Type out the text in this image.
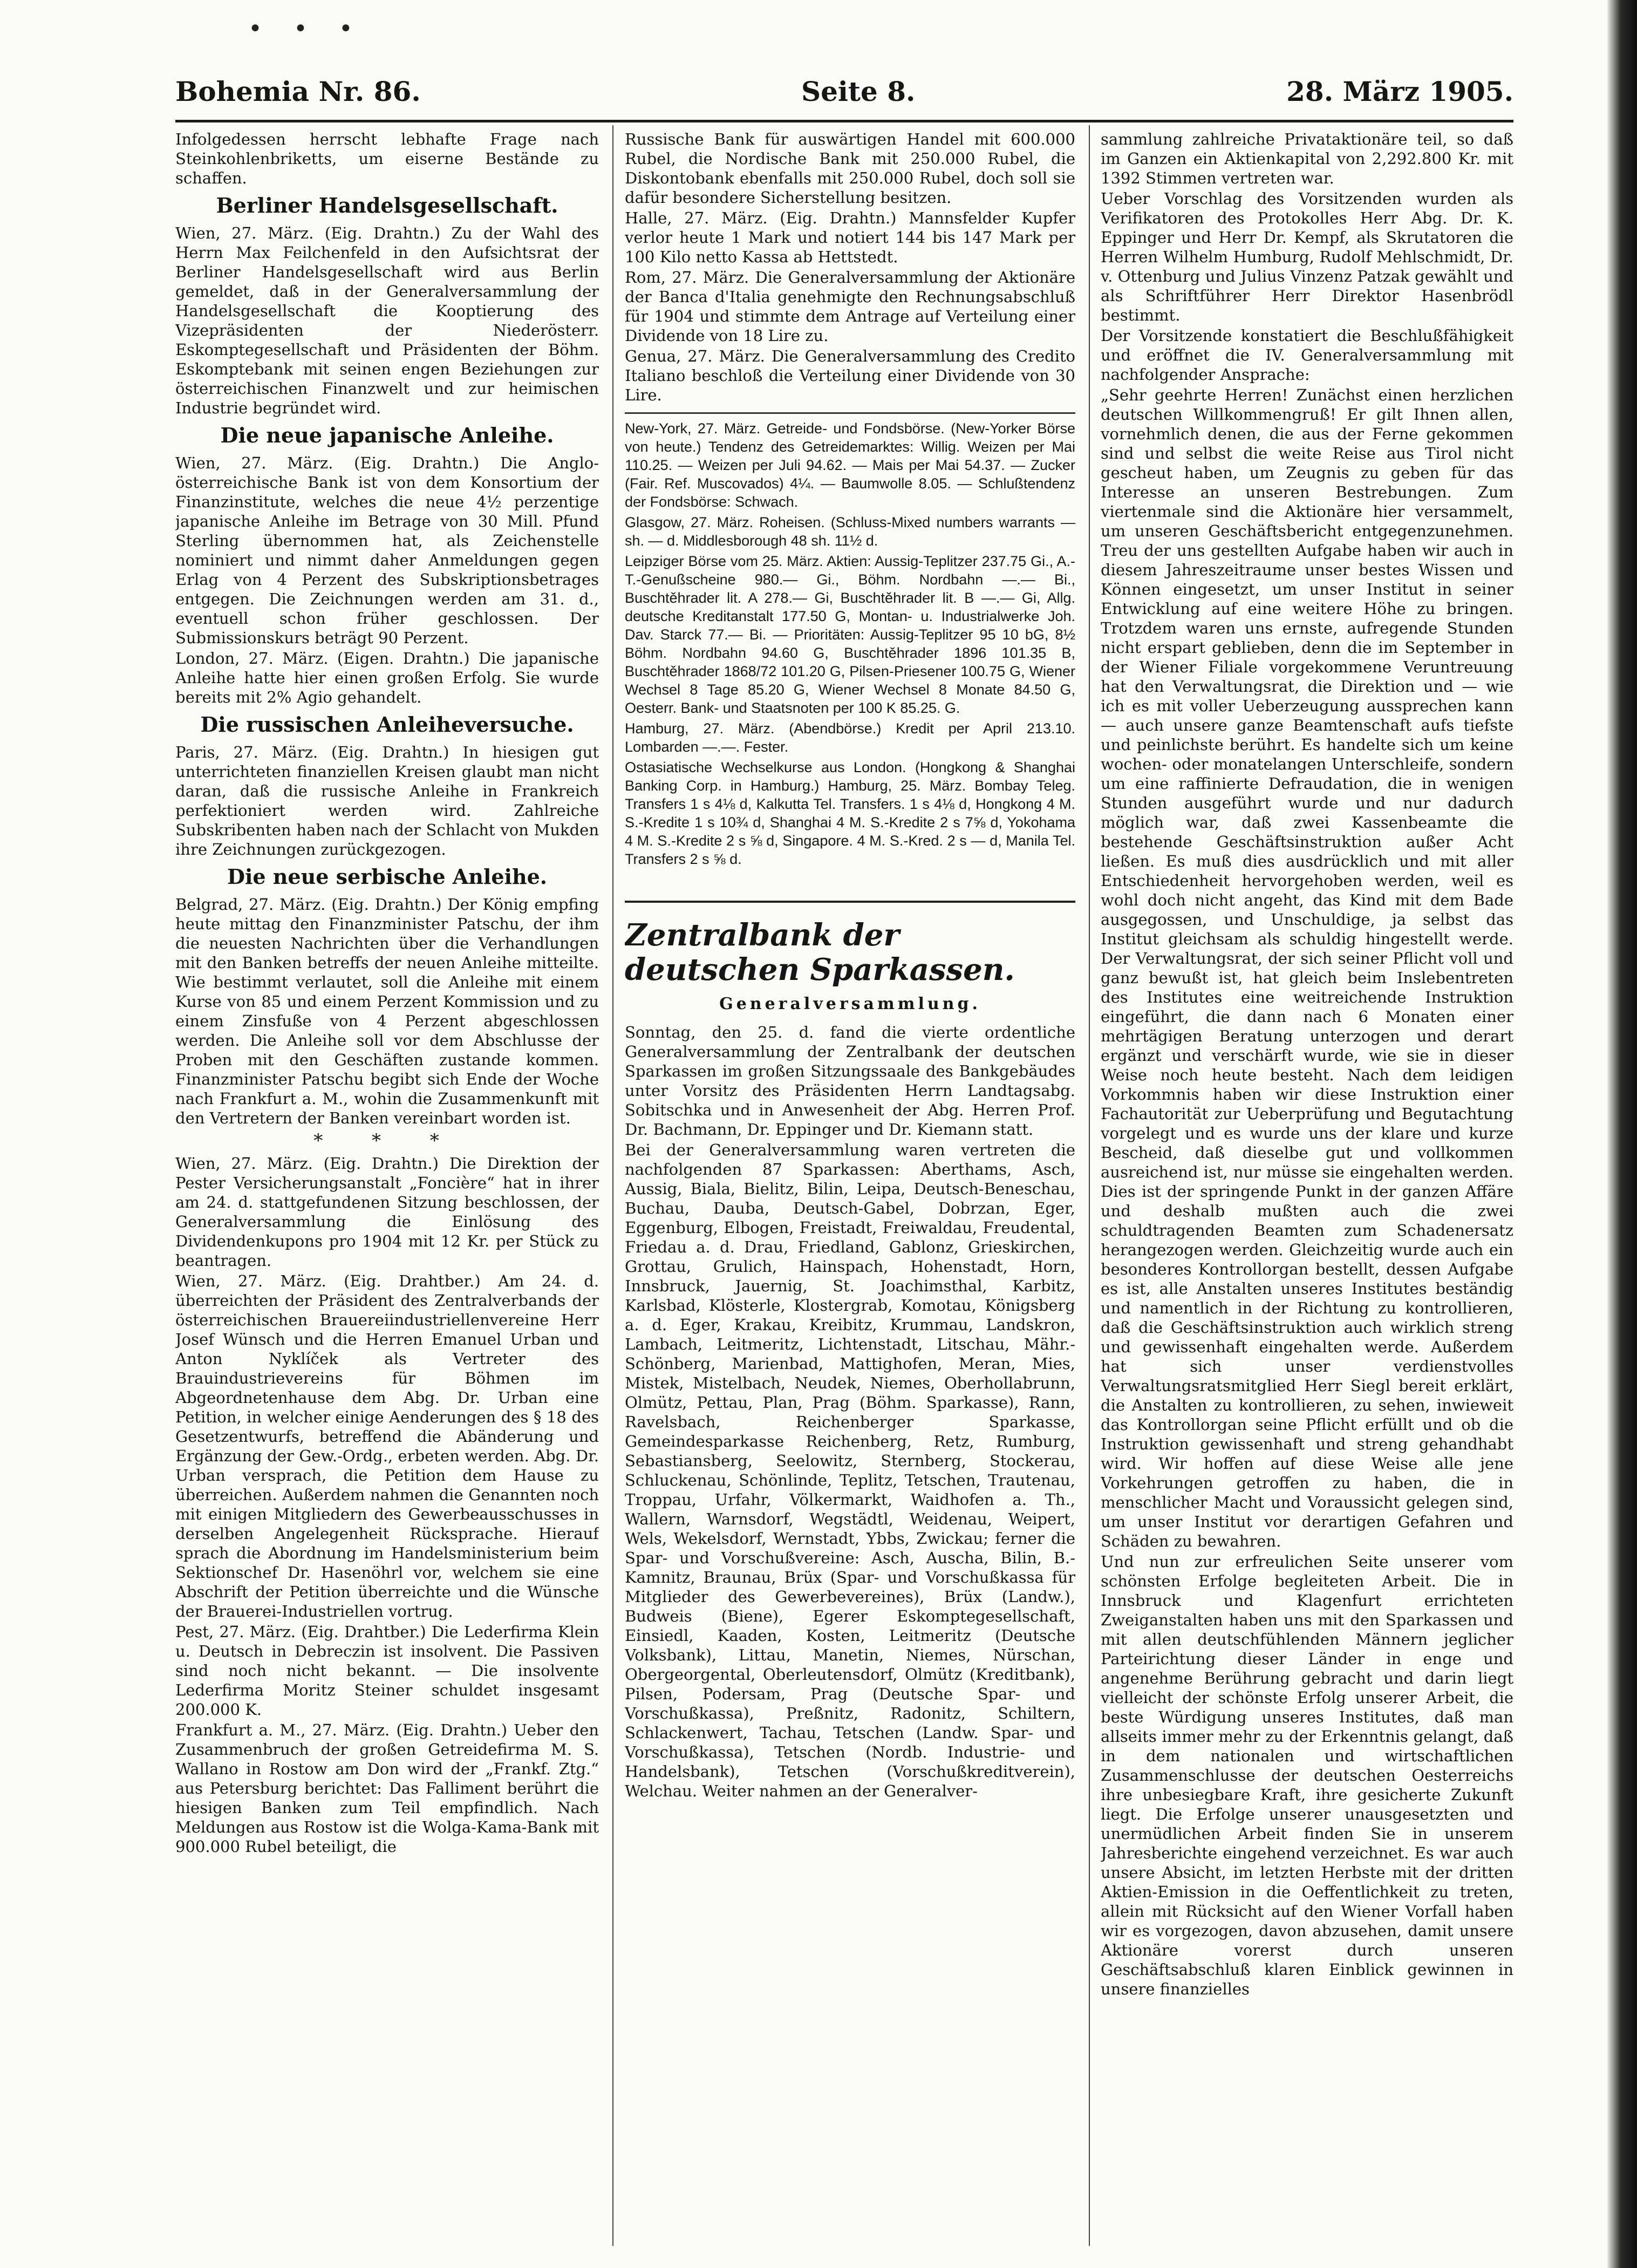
• • •
Bohemia Nr. 86.	Seite 8.	28. März 1905.

Infolgedessen herrscht lebhafte Frage nach Steinkohlenbriketts, um eiserne Bestände zu schaffen.

Berliner Handelsgesellschaft.

Wien, 27. März. (Eig. Drahtn.) Zu der Wahl des Herrn Max Feilchenfeld in den Aufsichtsrat der Berliner Handelsgesellschaft wird aus Berlin gemeldet, daß in der Generalversammlung der Handelsgesellschaft die Kooptierung des Vizepräsidenten der Niederösterr. Eskomptegesellschaft und Präsidenten der Böhm. Eskomptebank mit seinen engen Beziehungen zur österreichischen Finanzwelt und zur heimischen Industrie begründet wird.

Die neue japanische Anleihe.

Wien, 27. März. (Eig. Drahtn.) Die Anglo-österreichische Bank ist von dem Konsortium der Finanzinstitute, welches die neue 4½ perzentige japanische Anleihe im Betrage von 30 Mill. Pfund Sterling übernommen hat, als Zeichenstelle nominiert und nimmt daher Anmeldungen gegen Erlag von 4 Perzent des Subskriptionsbetrages entgegen. Die Zeichnungen werden am 31. d., eventuell schon früher geschlossen. Der Submissionskurs beträgt 90 Perzent.

London, 27. März. (Eigen. Drahtn.) Die japanische Anleihe hatte hier einen großen Erfolg. Sie wurde bereits mit 2% Agio gehandelt.

Die russischen Anleiheversuche.

Paris, 27. März. (Eig. Drahtn.) In hiesigen gut unterrichteten finanziellen Kreisen glaubt man nicht daran, daß die russische Anleihe in Frankreich perfektioniert werden wird. Zahlreiche Subskribenten haben nach der Schlacht von Mukden ihre Zeichnungen zurückgezogen.

Die neue serbische Anleihe.

Belgrad, 27. März. (Eig. Drahtn.) Der König empfing heute mittag den Finanzminister Patschu, der ihm die neuesten Nachrichten über die Verhandlungen mit den Banken betreffs der neuen Anleihe mitteilte. Wie bestimmt verlautet, soll die Anleihe mit einem Kurse von 85 und einem Perzent Kommission und zu einem Zinsfuße von 4 Perzent abgeschlossen werden. Die Anleihe soll vor dem Abschlusse der Proben mit den Geschäften zustande kommen. Finanzminister Patschu begibt sich Ende der Woche nach Frankfurt a. M., wohin die Zusammenkunft mit den Vertretern der Banken vereinbart worden ist.

* * *

Wien, 27. März. (Eig. Drahtn.) Die Direktion der Pester Versicherungsanstalt „Foncière“ hat in ihrer am 24. d. stattgefundenen Sitzung beschlossen, der Generalversammlung die Einlösung des Dividendenkupons pro 1904 mit 12 Kr. per Stück zu beantragen.

Wien, 27. März. (Eig. Drahtber.) Am 24. d. überreichten der Präsident des Zentralverbands der österreichischen Brauereiindustriellenvereine Herr Josef Wünsch und die Herren Emanuel Urban und Anton Nyklíček als Vertreter des Brauindustrievereins für Böhmen im Abgeordnetenhause dem Abg. Dr. Urban eine Petition, in welcher einige Aenderungen des § 18 des Gesetzentwurfs, betreffend die Abänderung und Ergänzung der Gew.-Ordg., erbeten werden. Abg. Dr. Urban versprach, die Petition dem Hause zu überreichen. Außerdem nahmen die Genannten noch mit einigen Mitgliedern des Gewerbeausschusses in derselben Angelegenheit Rücksprache. Hierauf sprach die Abordnung im Handelsministerium beim Sektionschef Dr. Hasenöhrl vor, welchem sie eine Abschrift der Petition überreichte und die Wünsche der Brauerei-Industriellen vortrug.

Pest, 27. März. (Eig. Drahtber.) Die Lederfirma Klein u. Deutsch in Debreczin ist insolvent. Die Passiven sind noch nicht bekannt. — Die insolvente Lederfirma Moritz Steiner schuldet insgesamt 200.000 K.

Frankfurt a. M., 27. März. (Eig. Drahtn.) Ueber den Zusammenbruch der großen Getreidefirma M. S. Wallano in Rostow am Don wird der „Frankf. Ztg.“ aus Petersburg berichtet: Das Falliment berührt die hiesigen Banken zum Teil empfindlich. Nach Meldungen aus Rostow ist die Wolga-Kama-Bank mit 900.000 Rubel beteiligt, die

Russische Bank für auswärtigen Handel mit 600.000 Rubel, die Nordische Bank mit 250.000 Rubel, die Diskontobank ebenfalls mit 250.000 Rubel, doch soll sie dafür besondere Sicherstellung besitzen.

Halle, 27. März. (Eig. Drahtn.) Mannsfelder Kupfer verlor heute 1 Mark und notiert 144 bis 147 Mark per 100 Kilo netto Kassa ab Hettstedt.

Rom, 27. März. Die Generalversammlung der Aktionäre der Banca d'Italia genehmigte den Rechnungsabschluß für 1904 und stimmte dem Antrage auf Verteilung einer Dividende von 18 Lire zu.

Genua, 27. März. Die Generalversammlung des Credito Italiano beschloß die Verteilung einer Dividende von 30 Lire.

New-York, 27. März. Getreide- und Fondsbörse. (New-Yorker Börse von heute.) Tendenz des Getreidemarktes: Willig. Weizen per Mai 110.25. — Weizen per Juli 94.62. — Mais per Mai 54.37. — Zucker (Fair. Ref. Muscovados) 4¼. — Baumwolle 8.05. — Schlußtendenz der Fondsbörse: Schwach.

Glasgow, 27. März. Roheisen. (Schluss-Mixed numbers warrants — sh. — d. Middlesborough 48 sh. 11½ d.

Leipziger Börse vom 25. März. Aktien: Aussig-Teplitzer 237.75 Gi., A.-T.-Genußscheine 980.— Gi., Böhm. Nordbahn —.— Bi., Buschtěhrader lit. A 278.— Gi, Buschtěhrader lit. B —.— Gi, Allg. deutsche Kreditanstalt 177.50 G, Montan- u. Industrialwerke Joh. Dav. Starck 77.— Bi. — Prioritäten: Aussig-Teplitzer 95 10 bG, 8½ Böhm. Nordbahn 94.60 G, Buschtěhrader 1896 101.35 B, Buschtěhrader 1868/72 101.20 G, Pilsen-Priesener 100.75 G, Wiener Wechsel 8 Tage 85.20 G, Wiener Wechsel 8 Monate 84.50 G, Oesterr. Bank- und Staatsnoten per 100 K 85.25. G.

Hamburg, 27. März. (Abendbörse.) Kredit per April 213.10. Lombarden —.—. Fester.

Ostasiatische Wechselkurse aus London. (Hongkong & Shanghai Banking Corp. in Hamburg.) Hamburg, 25. März. Bombay Teleg. Transfers 1 s 4⅛ d, Kalkutta Tel. Transfers. 1 s 4⅛ d, Hongkong 4 M. S.-Kredite 1 s 10¾ d, Shanghai 4 M. S.-Kredite 2 s 7⅝ d, Yokohama 4 M. S.-Kredite 2 s ⅝ d, Singapore. 4 M. S.-Kred. 2 s — d, Manila Tel. Transfers 2 s ⅝ d.

Zentralbank der deutschen Sparkassen.
Generalversammlung.

Sonntag, den 25. d. fand die vierte ordentliche Generalversammlung der Zentralbank der deutschen Sparkassen im großen Sitzungssaale des Bankgebäudes unter Vorsitz des Präsidenten Herrn Landtagsabg. Sobitschka und in Anwesenheit der Abg. Herren Prof. Dr. Bachmann, Dr. Eppinger und Dr. Kiemann statt.

Bei der Generalversammlung waren vertreten die nachfolgenden 87 Sparkassen: Aberthams, Asch, Aussig, Biala, Bielitz, Bilin, Leipa, Deutsch-Beneschau, Buchau, Dauba, Deutsch-Gabel, Dobrzan, Eger, Eggenburg, Elbogen, Freistadt, Freiwaldau, Freudental, Friedau a. d. Drau, Friedland, Gablonz, Grieskirchen, Grottau, Grulich, Hainspach, Hohenstadt, Horn, Innsbruck, Jauernig, St. Joachimsthal, Karbitz, Karlsbad, Klösterle, Klostergrab, Komotau, Königsberg a. d. Eger, Krakau, Kreibitz, Krummau, Landskron, Lambach, Leitmeritz, Lichtenstadt, Litschau, Mähr.-Schönberg, Marienbad, Mattighofen, Meran, Mies, Mistek, Mistelbach, Neudek, Niemes, Oberhollabrunn, Olmütz, Pettau, Plan, Prag (Böhm. Sparkasse), Rann, Ravelsbach, Reichenberger Sparkasse, Gemeindesparkasse Reichenberg, Retz, Rumburg, Sebastiansberg, Seelowitz, Sternberg, Stockerau, Schluckenau, Schönlinde, Teplitz, Tetschen, Trautenau, Troppau, Urfahr, Völkermarkt, Waidhofen a. Th., Wallern, Warnsdorf, Wegstädtl, Weidenau, Weipert, Wels, Wekelsdorf, Wernstadt, Ybbs, Zwickau; ferner die Spar- und Vorschußvereine: Asch, Auscha, Bilin, B.-Kamnitz, Braunau, Brüx (Spar- und Vorschußkassa für Mitglieder des Gewerbevereines), Brüx (Landw.), Budweis (Biene), Egerer Eskomptegesellschaft, Einsiedl, Kaaden, Kosten, Leitmeritz (Deutsche Volksbank), Littau, Manetin, Niemes, Nürschan, Obergeorgental, Oberleutensdorf, Olmütz (Kreditbank), Pilsen, Podersam, Prag (Deutsche Spar- und Vorschußkassa), Preßnitz, Radonitz, Schiltern, Schlackenwert, Tachau, Tetschen (Landw. Spar- und Vorschußkassa), Tetschen (Nordb. Industrie- und Handelsbank), Tetschen (Vorschußkreditverein), Welchau. Weiter nahmen an der Generalver-

sammlung zahlreiche Privataktionäre teil, so daß im Ganzen ein Aktienkapital von 2,292.800 Kr. mit 1392 Stimmen vertreten war.

Ueber Vorschlag des Vorsitzenden wurden als Verifikatoren des Protokolles Herr Abg. Dr. K. Eppinger und Herr Dr. Kempf, als Skrutatoren die Herren Wilhelm Humburg, Rudolf Mehlschmidt, Dr. v. Ottenburg und Julius Vinzenz Patzak gewählt und als Schriftführer Herr Direktor Hasenbrödl bestimmt.

Der Vorsitzende konstatiert die Beschlußfähigkeit und eröffnet die IV. Generalversammlung mit nachfolgender Ansprache:

„Sehr geehrte Herren! Zunächst einen herzlichen deutschen Willkommengruß! Er gilt Ihnen allen, vornehmlich denen, die aus der Ferne gekommen sind und selbst die weite Reise aus Tirol nicht gescheut haben, um Zeugnis zu geben für das Interesse an unseren Bestrebungen. Zum viertenmale sind die Aktionäre hier versammelt, um unseren Geschäftsbericht entgegenzunehmen. Treu der uns gestellten Aufgabe haben wir auch in diesem Jahreszeitraume unser bestes Wissen und Können eingesetzt, um unser Institut in seiner Entwicklung auf eine weitere Höhe zu bringen. Trotzdem waren uns ernste, aufregende Stunden nicht erspart geblieben, denn die im September in der Wiener Filiale vorgekommene Veruntreuung hat den Verwaltungsrat, die Direktion und — wie ich es mit voller Ueberzeugung aussprechen kann — auch unsere ganze Beamtenschaft aufs tiefste und peinlichste berührt. Es handelte sich um keine wochen- oder monatelangen Unterschleife, sondern um eine raffinierte Defraudation, die in wenigen Stunden ausgeführt wurde und nur dadurch möglich war, daß zwei Kassenbeamte die bestehende Geschäftsinstruktion außer Acht ließen. Es muß dies ausdrücklich und mit aller Entschiedenheit hervorgehoben werden, weil es wohl doch nicht angeht, das Kind mit dem Bade ausgegossen, und Unschuldige, ja selbst das Institut gleichsam als schuldig hingestellt werde. Der Verwaltungsrat, der sich seiner Pflicht voll und ganz bewußt ist, hat gleich beim Inslebentreten des Institutes eine weitreichende Instruktion eingeführt, die dann nach 6 Monaten einer mehrtägigen Beratung unterzogen und derart ergänzt und verschärft wurde, wie sie in dieser Weise noch heute besteht. Nach dem leidigen Vorkommnis haben wir diese Instruktion einer Fachautorität zur Ueberprüfung und Begutachtung vorgelegt und es wurde uns der klare und kurze Bescheid, daß dieselbe gut und vollkommen ausreichend ist, nur müsse sie eingehalten werden. Dies ist der springende Punkt in der ganzen Affäre und deshalb mußten auch die zwei schuldtragenden Beamten zum Schadenersatz herangezogen werden. Gleichzeitig wurde auch ein besonderes Kontrollorgan bestellt, dessen Aufgabe es ist, alle Anstalten unseres Institutes beständig und namentlich in der Richtung zu kontrollieren, daß die Geschäftsinstruktion auch wirklich streng und gewissenhaft eingehalten werde. Außerdem hat sich unser verdienstvolles Verwaltungsratsmitglied Herr Siegl bereit erklärt, die Anstalten zu kontrollieren, zu sehen, inwieweit das Kontrollorgan seine Pflicht erfüllt und ob die Instruktion gewissenhaft und streng gehandhabt wird. Wir hoffen auf diese Weise alle jene Vorkehrungen getroffen zu haben, die in menschlicher Macht und Voraussicht gelegen sind, um unser Institut vor derartigen Gefahren und Schäden zu bewahren.

Und nun zur erfreulichen Seite unserer vom schönsten Erfolge begleiteten Arbeit. Die in Innsbruck und Klagenfurt errichteten Zweiganstalten haben uns mit den Sparkassen und mit allen deutschfühlenden Männern jeglicher Parteirichtung dieser Länder in enge und angenehme Berührung gebracht und darin liegt vielleicht der schönste Erfolg unserer Arbeit, die beste Würdigung unseres Institutes, daß man allseits immer mehr zu der Erkenntnis gelangt, daß in dem nationalen und wirtschaftlichen Zusammenschlusse der deutschen Oesterreichs ihre unbesiegbare Kraft, ihre gesicherte Zukunft liegt. Die Erfolge unserer unausgesetzten und unermüdlichen Arbeit finden Sie in unserem Jahresberichte eingehend verzeichnet. Es war auch unsere Absicht, im letzten Herbste mit der dritten Aktien-Emission in die Oeffentlichkeit zu treten, allein mit Rücksicht auf den Wiener Vorfall haben wir es vorgezogen, davon abzusehen, damit unsere Aktionäre vorerst durch unseren Geschäftsabschluß klaren Einblick gewinnen in unsere finanzielles
